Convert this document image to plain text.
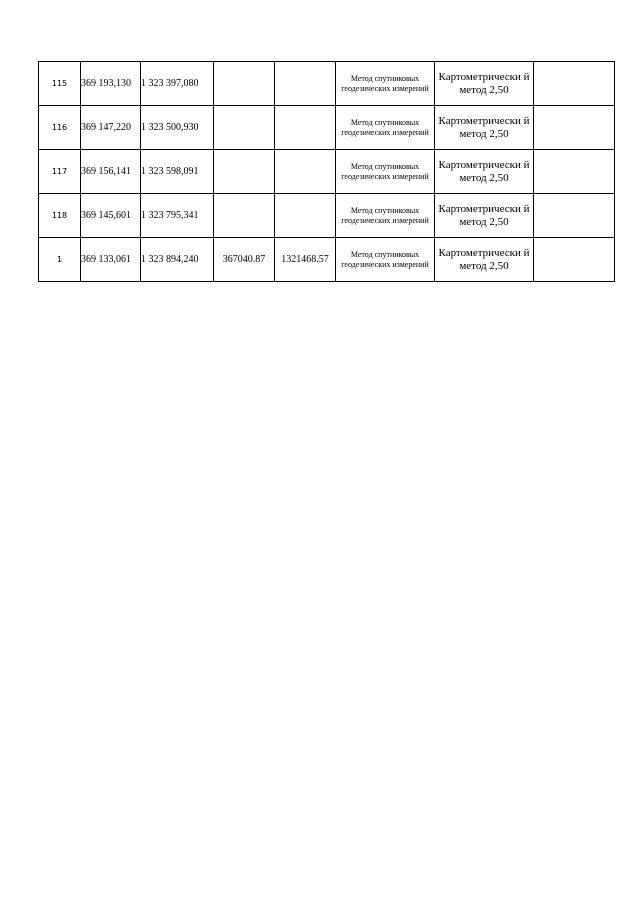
115	369 193,130	1 323 397,080			Метод спутниковых геодезических измерений	Картометрически й метод 2,50	
116	369 147,220	1 323 500,930			Метод спутниковых геодезических измерений	Картометрически й метод 2,50	
117	369 156,141	1 323 598,091			Метод спутниковых геодезических измерений	Картометрически й метод 2,50	
118	369 145,601	1 323 795,341			Метод спутниковых геодезических измерений	Картометрически й метод 2,50	
1	369 133,061	1 323 894,240	367040.87	1321468.57	Метод спутниковых геодезических измерений	Картометрически й метод 2,50	
